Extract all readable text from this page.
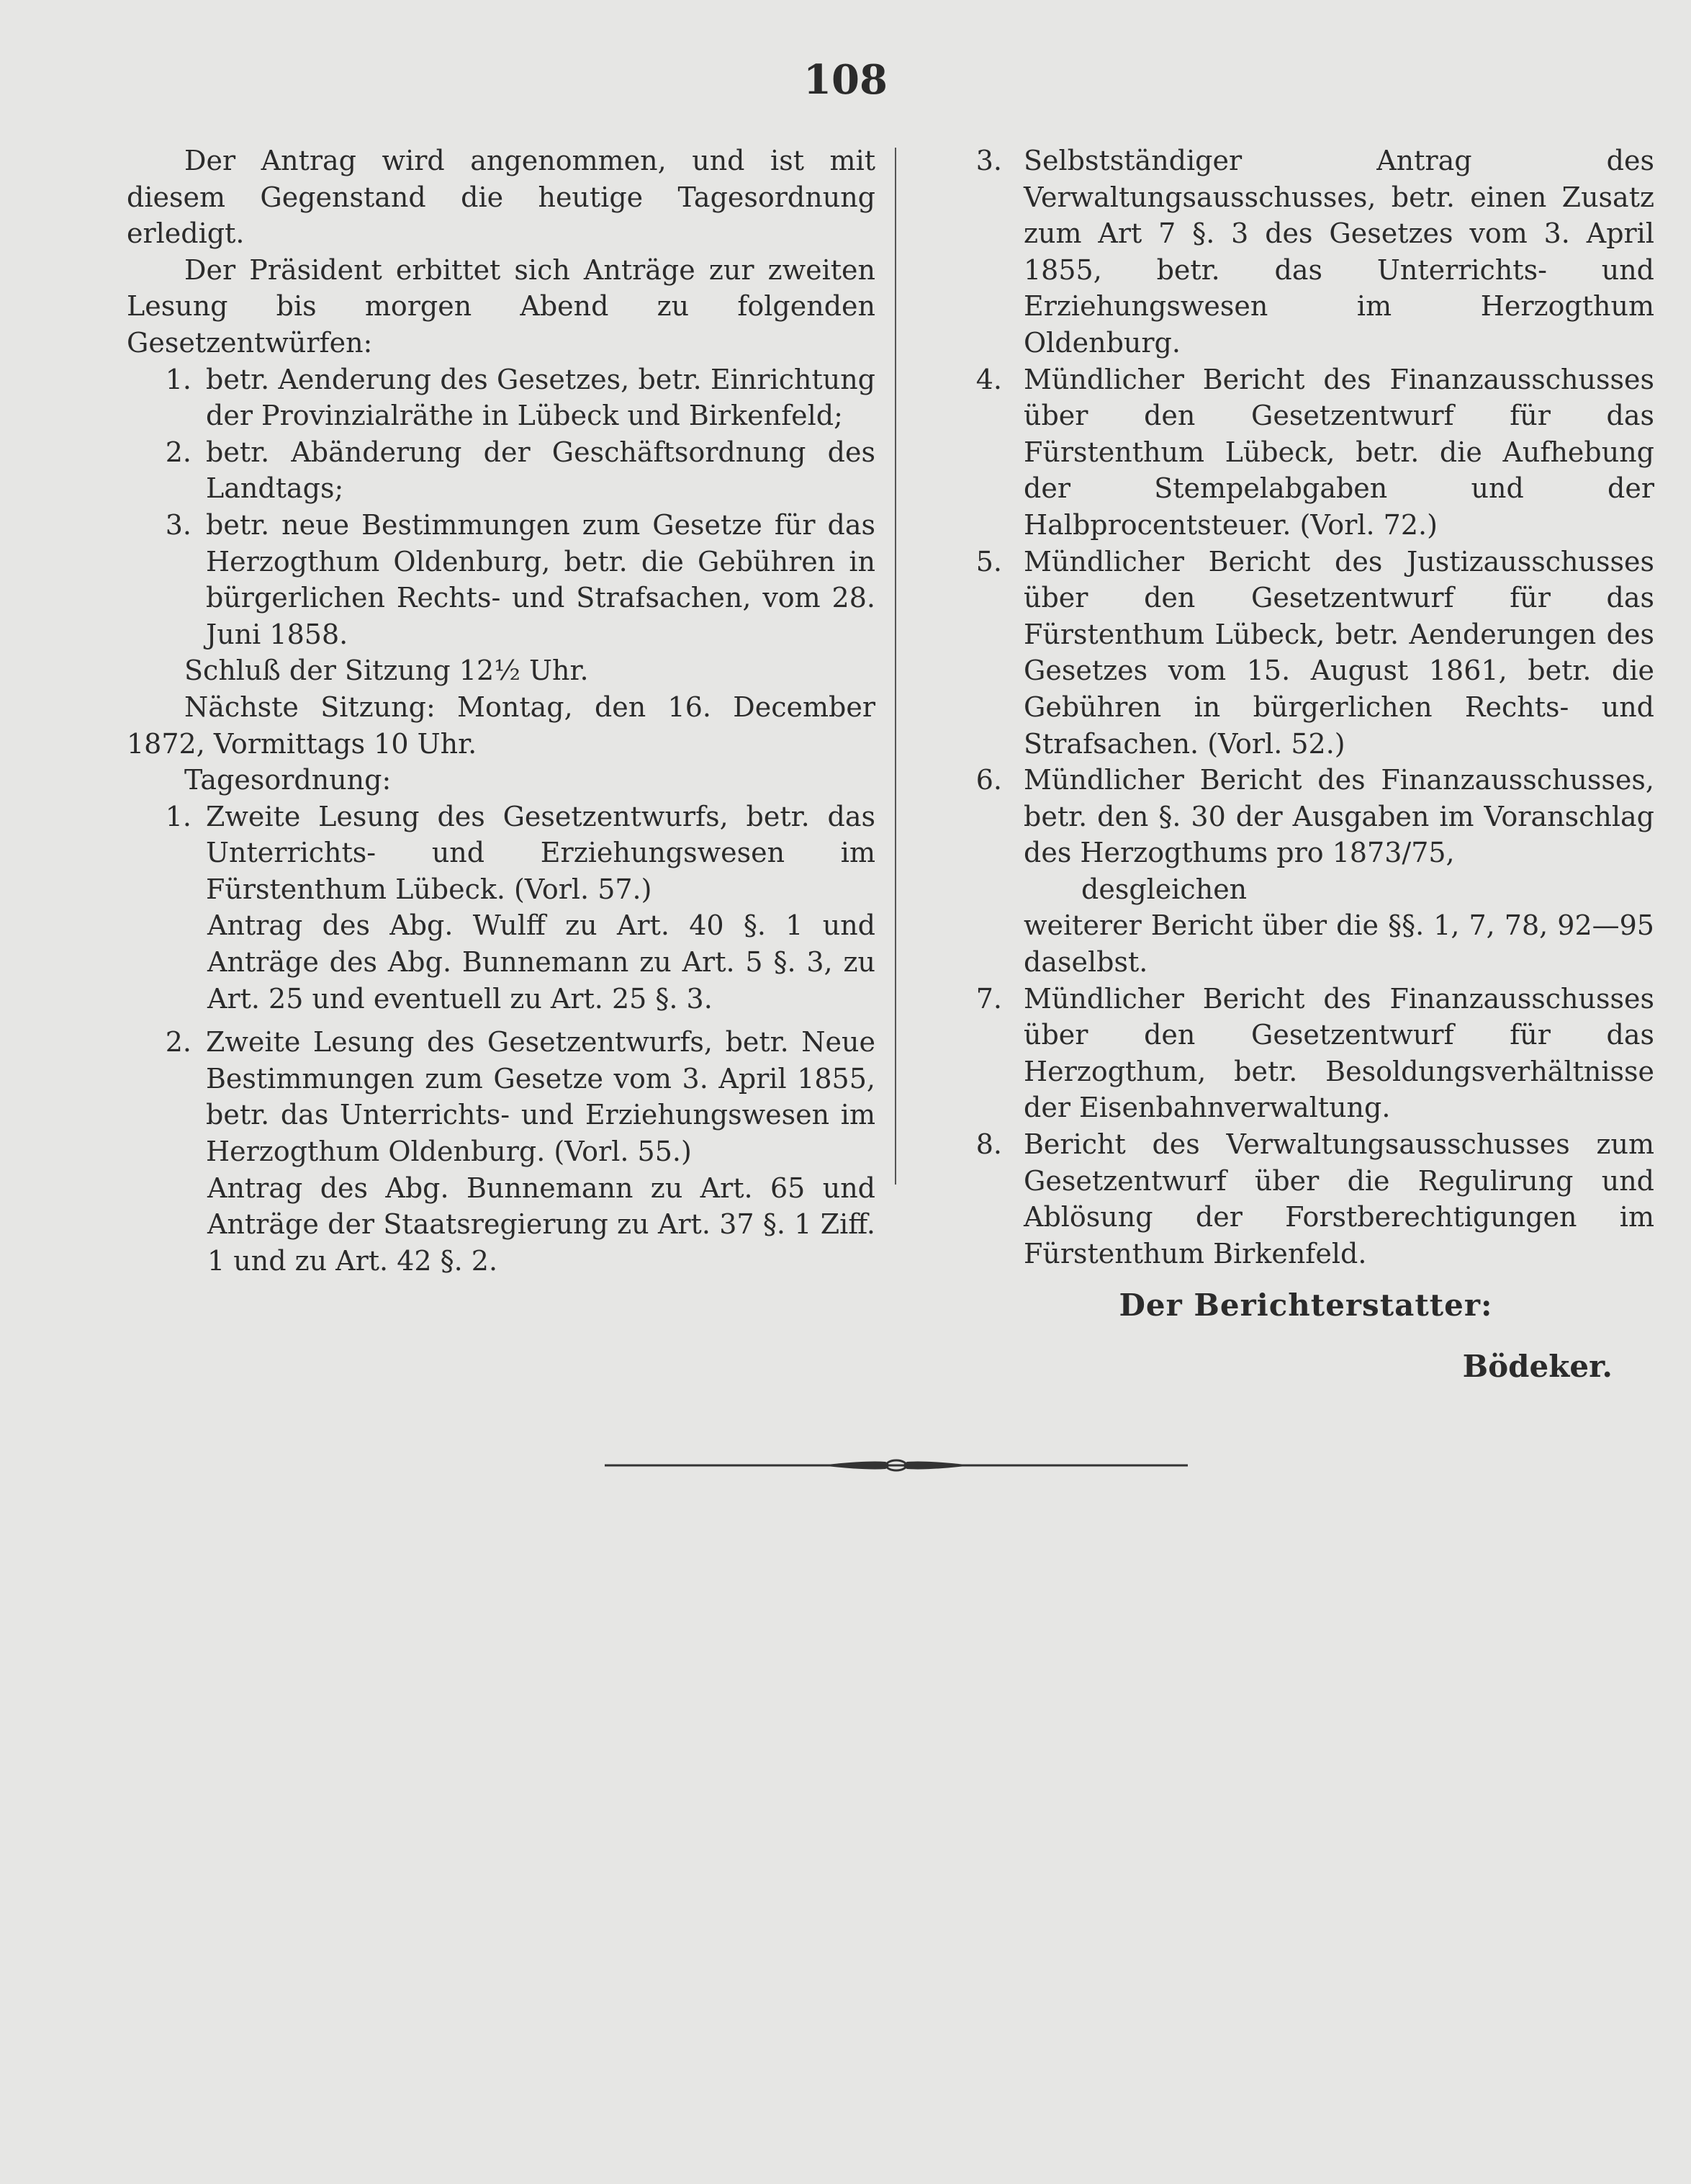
108

Der Antrag wird angenommen, und ist mit diesem Gegenstand die heutige Tagesordnung erledigt.

Der Präsident erbittet sich Anträge zur zweiten Lesung bis morgen Abend zu folgenden Gesetzentwürfen:

1. betr. Aenderung des Gesetzes, betr. Einrichtung der Provinzialräthe in Lübeck und Birkenfeld;
2. betr. Abänderung der Geschäftsordnung des Landtags;
3. betr. neue Bestimmungen zum Gesetze für das Herzogthum Oldenburg, betr. die Gebühren in bürgerlichen Rechts- und Strafsachen, vom 28. Juni 1858.

Schluß der Sitzung 12½ Uhr.

Nächste Sitzung: Montag, den 16. December 1872, Vormittags 10 Uhr.

Tagesordnung:

1. Zweite Lesung des Gesetzentwurfs, betr. das Unterrichts- und Erziehungswesen im Fürstenthum Lübeck. (Vorl. 57.)

Antrag des Abg. Wulff zu Art. 40 §. 1 und Anträge des Abg. Bunnemann zu Art. 5 §. 3, zu Art. 25 und eventuell zu Art. 25 §. 3.

2. Zweite Lesung des Gesetzentwurfs, betr. Neue Bestimmungen zum Gesetze vom 3. April 1855, betr. das Unterrichts- und Erziehungswesen im Herzogthum Oldenburg. (Vorl. 55.)

Antrag des Abg. Bunnemann zu Art. 65 und Anträge der Staatsregierung zu Art. 37 §. 1 Ziff. 1 und zu Art. 42 §. 2.

3. Selbstständiger Antrag des Verwaltungsausschusses, betr. einen Zusatz zum Art 7 §. 3 des Gesetzes vom 3. April 1855, betr. das Unterrichts- und Erziehungswesen im Herzogthum Oldenburg.
4. Mündlicher Bericht des Finanzausschusses über den Gesetzentwurf für das Fürstenthum Lübeck, betr. die Aufhebung der Stempelabgaben und der Halbprocentsteuer. (Vorl. 72.)
5. Mündlicher Bericht des Justizausschusses über den Gesetzentwurf für das Fürstenthum Lübeck, betr. Aenderungen des Gesetzes vom 15. August 1861, betr. die Gebühren in bürgerlichen Rechts- und Strafsachen. (Vorl. 52.)
6. Mündlicher Bericht des Finanzausschusses, betr. den §. 30 der Ausgaben im Voranschlag des Herzogthums pro 1873/75,

desgleichen

weiterer Bericht über die §§. 1, 7, 78, 92—95 daselbst.

7. Mündlicher Bericht des Finanzausschusses über den Gesetzentwurf für das Herzogthum, betr. Besoldungsverhältnisse der Eisenbahnverwaltung.
8. Bericht des Verwaltungsausschusses zum Gesetzentwurf über die Regulirung und Ablösung der Forstberechtigungen im Fürstenthum Birkenfeld.
Der Berichterstatter:
Bödeker.
